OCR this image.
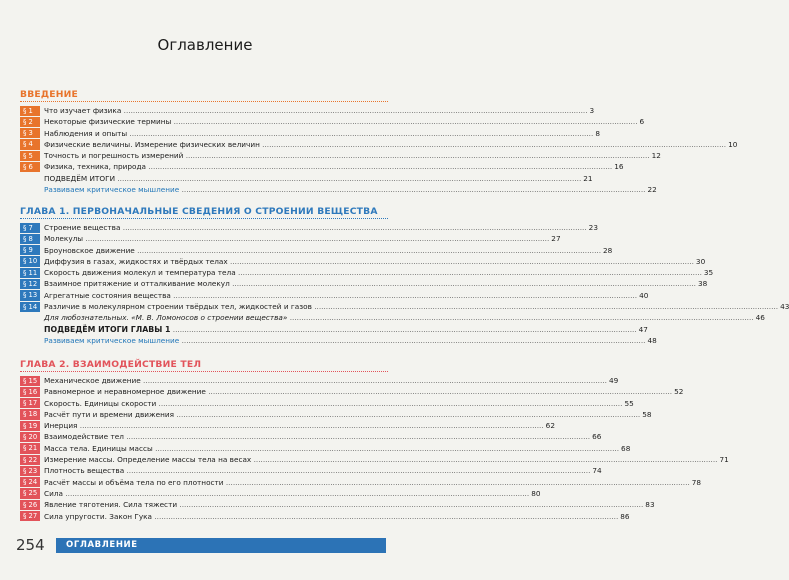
Оглавление
ВВЕДЕНИЕ
§ 1	Что изучает физика ........................................................................................................................................................................................................ 3
§ 2	Некоторые физические термины ........................................................................................................................................................................................................ 6
§ 3	Наблюдения и опыты ........................................................................................................................................................................................................ 8
§ 4	Физические величины. Измерение физических величин ........................................................................................................................................................................................................ 10
§ 5	Точность и погрешность измерений ........................................................................................................................................................................................................ 12
§ 6	Физика, техника, природа ........................................................................................................................................................................................................ 16
ПОДВЕДЁМ ИТОГИ ........................................................................................................................................................................................................ 21
Развиваем критическое мышление ........................................................................................................................................................................................................ 22
ГЛАВА 1. ПЕРВОНАЧАЛЬНЫЕ СВЕДЕНИЯ О СТРОЕНИИ ВЕЩЕСТВА
§ 7	Строение вещества ........................................................................................................................................................................................................ 23
§ 8	Молекулы ........................................................................................................................................................................................................ 27
§ 9	Броуновское движение ........................................................................................................................................................................................................ 28
§ 10 Диффузия в газах, жидкостях и твёрдых телах ........................................................................................................................................................................................................ 30
§ 11 Скорость движения молекул и температура тела ........................................................................................................................................................................................................ 35
§ 12 Взаимное притяжение и отталкивание молекул ........................................................................................................................................................................................................ 38
§ 13 Агрегатные состояния вещества ........................................................................................................................................................................................................ 40
§ 14 Различие в молекулярном строении твёрдых тел, жидкостей и газов ........................................................................................................................................................................................................ 43
Для любознательных. «М. В. Ломоносов о строении вещества» ........................................................................................................................................................................................................ 46
ПОДВЕДЁМ ИТОГИ ГЛАВЫ 1 ........................................................................................................................................................................................................ 47
Развиваем критическое мышление ........................................................................................................................................................................................................ 48
ГЛАВА 2. ВЗАИМОДЕЙСТВИЕ ТЕЛ
§ 15 Механическое движение ........................................................................................................................................................................................................ 49
§ 16 Равномерное и неравномерное движение ........................................................................................................................................................................................................ 52
§ 17 Скорость. Единицы скорости ........................................................................................................................................................................................................ 55
§ 18 Расчёт пути и времени движения ........................................................................................................................................................................................................ 58
§ 19 Инерция ........................................................................................................................................................................................................ 62
§ 20 Взаимодействие тел ........................................................................................................................................................................................................ 66
§ 21 Масса тела. Единицы массы ........................................................................................................................................................................................................ 68
§ 22 Измерение массы. Определение массы тела на весах ........................................................................................................................................................................................................ 71
§ 23 Плотность вещества ........................................................................................................................................................................................................ 74
§ 24 Расчёт массы и объёма тела по его плотности ........................................................................................................................................................................................................ 78
§ 25 Сила ........................................................................................................................................................................................................ 80
§ 26 Явление тяготения. Сила тяжести ........................................................................................................................................................................................................ 83
§ 27 Сила упругости. Закон Гука ........................................................................................................................................................................................................ 86
254	ОГЛАВЛЕНИЕ
